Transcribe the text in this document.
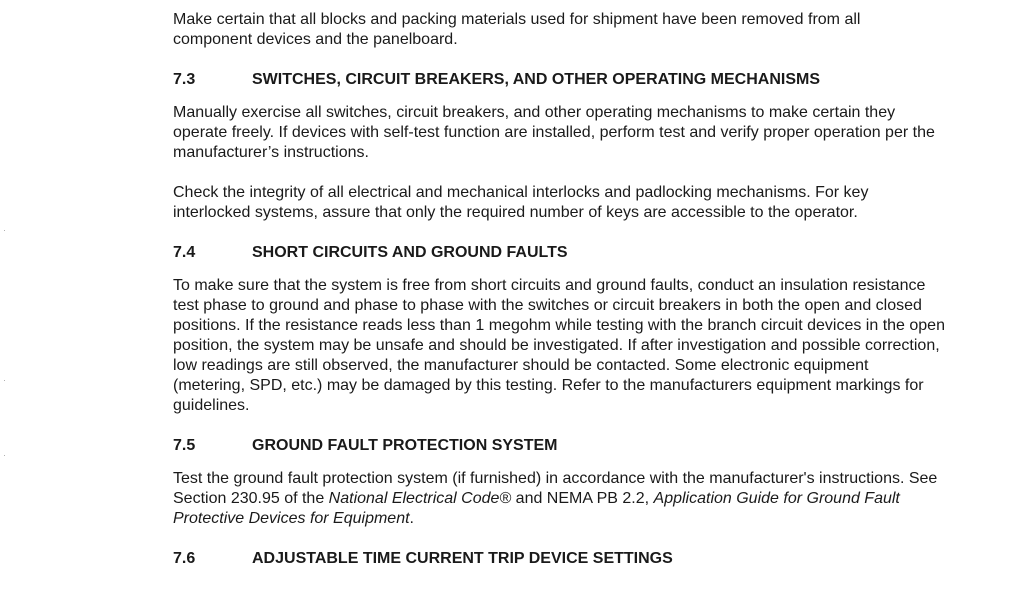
Make certain that all blocks and packing materials used for shipment have been removed from all
component devices and the panelboard.

7.3	SWITCHES, CIRCUIT BREAKERS, AND OTHER OPERATING MECHANISMS

Manually exercise all switches, circuit breakers, and other operating mechanisms to make certain they
operate freely. If devices with self-test function are installed, perform test and verify proper operation per the
manufacturer’s instructions.

Check the integrity of all electrical and mechanical interlocks and padlocking mechanisms. For key
interlocked systems, assure that only the required number of keys are accessible to the operator.

7.4	SHORT CIRCUITS AND GROUND FAULTS

To make sure that the system is free from short circuits and ground faults, conduct an insulation resistance
test phase to ground and phase to phase with the switches or circuit breakers in both the open and closed
positions. If the resistance reads less than 1 megohm while testing with the branch circuit devices in the open
position, the system may be unsafe and should be investigated. If after investigation and possible correction,
low readings are still observed, the manufacturer should be contacted. Some electronic equipment
(metering, SPD, etc.) may be damaged by this testing. Refer to the manufacturers equipment markings for
guidelines.

7.5	GROUND FAULT PROTECTION SYSTEM

Test the ground fault protection system (if furnished) in accordance with the manufacturer's instructions. See
Section 230.95 of the National Electrical Code® and NEMA PB 2.2, Application Guide for Ground Fault
Protective Devices for Equipment.

7.6	ADJUSTABLE TIME CURRENT TRIP DEVICE SETTINGS
